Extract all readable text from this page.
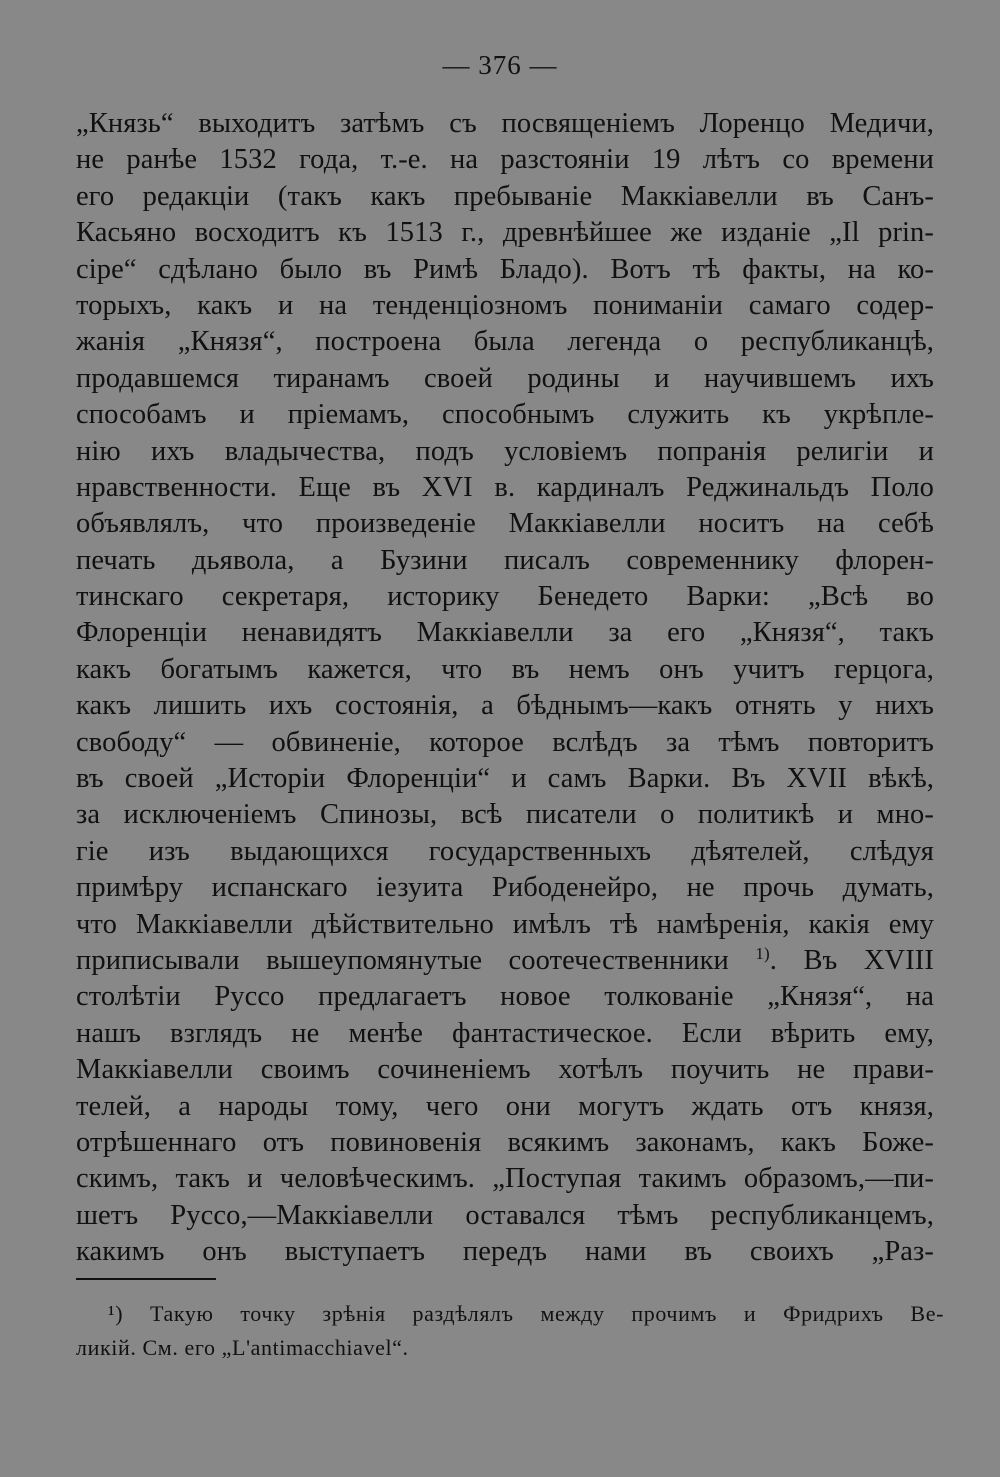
— 376 —
„Князь“ выходитъ затѣмъ съ посвященіемъ Лоренцо Медичи,
не ранѣе 1532 года, т.-е. на разстояніи 19 лѣтъ со времени
его редакціи (такъ какъ пребываніе Маккіавелли въ Санъ-
Касьяно восходитъ къ 1513 г., древнѣйшее же изданіе „Il prin-
cipe“ сдѣлано было въ Римѣ Бладо). Вотъ тѣ факты, на ко-
торыхъ, какъ и на тенденціозномъ пониманіи самаго содер-
жанія „Князя“, построена была легенда о республиканцѣ,
продавшемся тиранамъ своей родины и научившемъ ихъ
способамъ и пріемамъ, способнымъ служить къ укрѣпле-
нію ихъ владычества, подъ условіемъ попранія религіи и
нравственности. Еще въ XVI в. кардиналъ Реджинальдъ Поло
объявлялъ, что произведеніе Маккіавелли носитъ на себѣ
печать дьявола, а Бузини писалъ современнику флорен-
тинскаго секретаря, историку Бенедето Варки: „Всѣ во
Флоренціи ненавидятъ Маккіавелли за его „Князя“, такъ
какъ богатымъ кажется, что въ немъ онъ учитъ герцога,
какъ лишить ихъ состоянія, а бѣднымъ—какъ отнять у нихъ
свободу“ — обвиненіе, которое вслѣдъ за тѣмъ повторитъ
въ своей „Исторіи Флоренціи“ и самъ Варки. Въ XVII вѣкѣ,
за исключеніемъ Спинозы, всѣ писатели о политикѣ и мно-
гіе изъ выдающихся государственныхъ дѣятелей, слѣдуя
примѣру испанскаго іезуита Рибоденейро, не прочь думать,
что Маккіавелли дѣйствительно имѣлъ тѣ намѣренія, какія ему
приписывали вышеупомянутые соотечественники $^{1)}$. Въ XVIII
столѣтіи Руссо предлагаетъ новое толкованіе „Князя“, на
нашъ взглядъ не менѣе фантастическое. Если вѣрить ему,
Маккіавелли своимъ сочиненіемъ хотѣлъ поучить не прави-
телей, а народы тому, чего они могутъ ждать отъ князя,
отрѣшеннаго отъ повиновенія всякимъ законамъ, какъ Боже-
скимъ, такъ и человѣческимъ. „Поступая такимъ образомъ,—пи-
шетъ Руссо,—Маккіавелли оставался тѣмъ республиканцемъ,
какимъ онъ выступаетъ передъ нами въ своихъ „Раз-
¹) Такую точку зрѣнія раздѣлялъ между прочимъ и Фридрихъ Ве-
ликій. См. его „L'antimacchiavel“.
